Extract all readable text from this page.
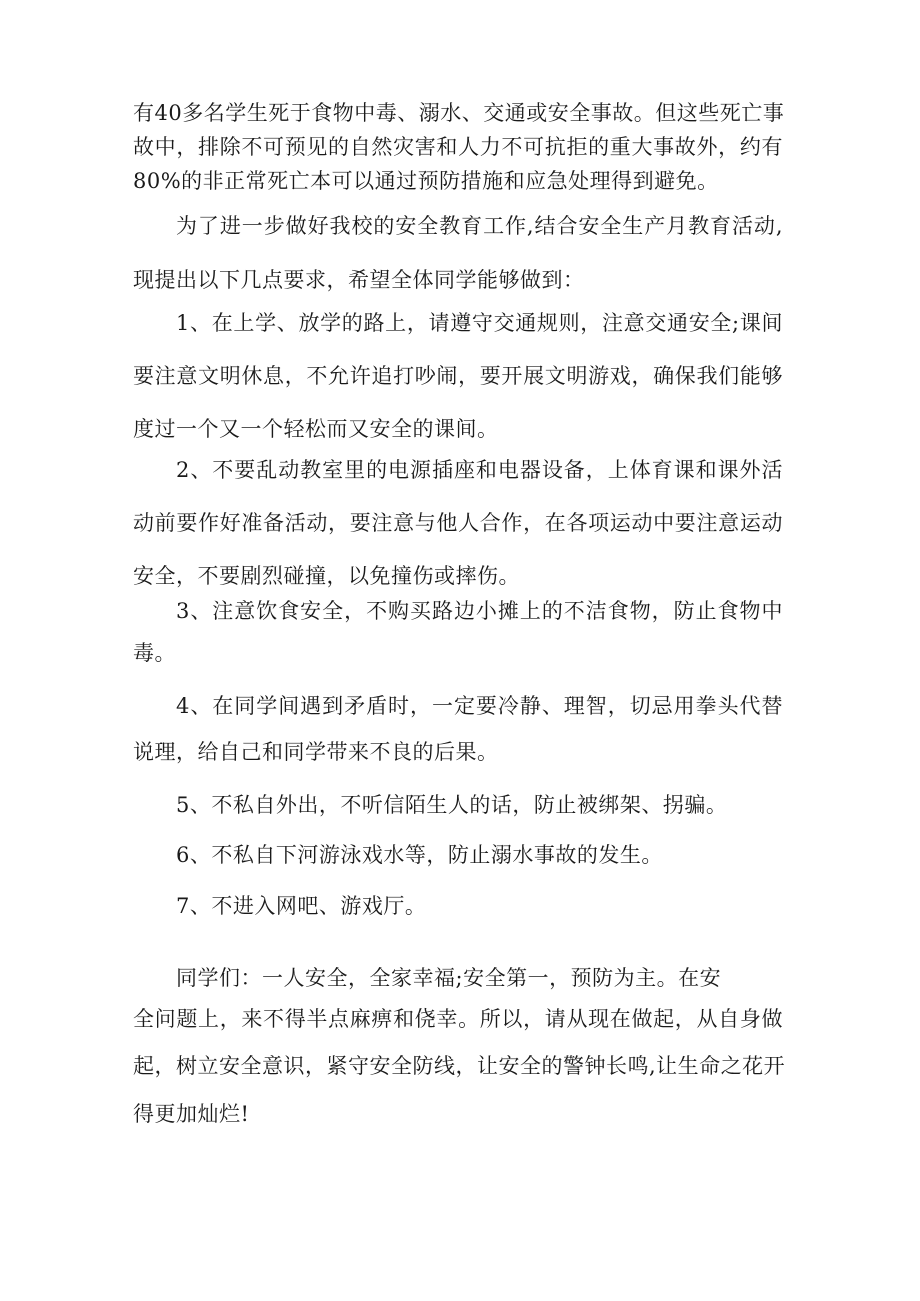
有40多名学生死于食物中毒、溺水、交通或安全事故。但这些死亡事
故中，排除不可预见的自然灾害和人力不可抗拒的重大事故外，约有
80%的非正常死亡本可以通过预防措施和应急处理得到避免。
为了进一步做好我校的安全教育工作,结合安全生产月教育活动,
现提出以下几点要求，希望全体同学能够做到：
1、在上学、放学的路上，请遵守交通规则，注意交通安全;课间
要注意文明休息，不允许追打吵闹，要开展文明游戏，确保我们能够
度过一个又一个轻松而又安全的课间。
2、不要乱动教室里的电源插座和电器设备，上体育课和课外活
动前要作好准备活动，要注意与他人合作，在各项运动中要注意运动
安全，不要剧烈碰撞，以免撞伤或摔伤。
3、注意饮食安全，不购买路边小摊上的不洁食物，防止食物中
毒。
4、在同学间遇到矛盾时，一定要冷静、理智，切忌用拳头代替
说理，给自己和同学带来不良的后果。
5、不私自外出，不听信陌生人的话，防止被绑架、拐骗。
6、不私自下河游泳戏水等，防止溺水事故的发生。
7、不进入网吧、游戏厅。
同学们：一人安全，全家幸福;安全第一，预防为主。在安
全问题上，来不得半点麻痹和侥幸。所以，请从现在做起，从自身做
起，树立安全意识，紧守安全防线，让安全的警钟长鸣,让生命之花开
得更加灿烂!
